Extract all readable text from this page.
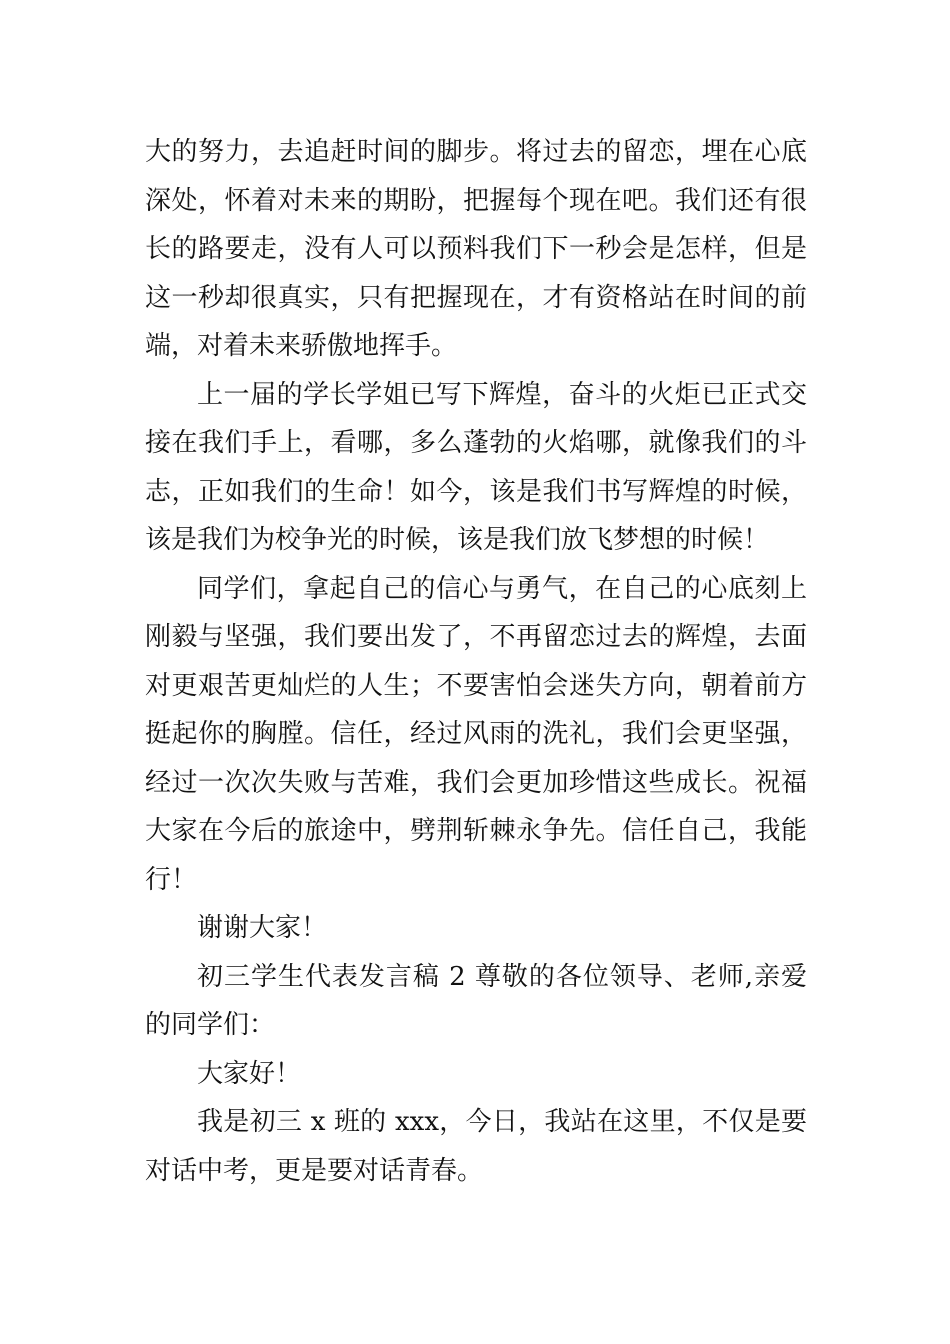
大的努力，去追赶时间的脚步。将过去的留恋，埋在心底深处，怀着对未来的期盼，把握每个现在吧。我们还有很长的路要走，没有人可以预料我们下一秒会是怎样，但是这一秒却很真实，只有把握现在，才有资格站在时间的前端，对着未来骄傲地挥手。

上一届的学长学姐已写下辉煌，奋斗的火炬已正式交接在我们手上，看哪，多么蓬勃的火焰哪，就像我们的斗志，正如我们的生命！如今，该是我们书写辉煌的时候，该是我们为校争光的时候，该是我们放飞梦想的时候！

同学们，拿起自己的信心与勇气，在自己的心底刻上刚毅与坚强，我们要出发了，不再留恋过去的辉煌，去面对更艰苦更灿烂的人生；不要害怕会迷失方向，朝着前方挺起你的胸膛。信任，经过风雨的洗礼，我们会更坚强，经过一次次失败与苦难，我们会更加珍惜这些成长。祝福大家在今后的旅途中，劈荆斩棘永争先。信任自己，我能行！

谢谢大家！

初三学生代表发言稿 2 尊敬的各位领导、老师,亲爱的同学们：

大家好！

我是初三 x 班的 xxx，今日，我站在这里，不仅是要对话中考，更是要对话青春。
